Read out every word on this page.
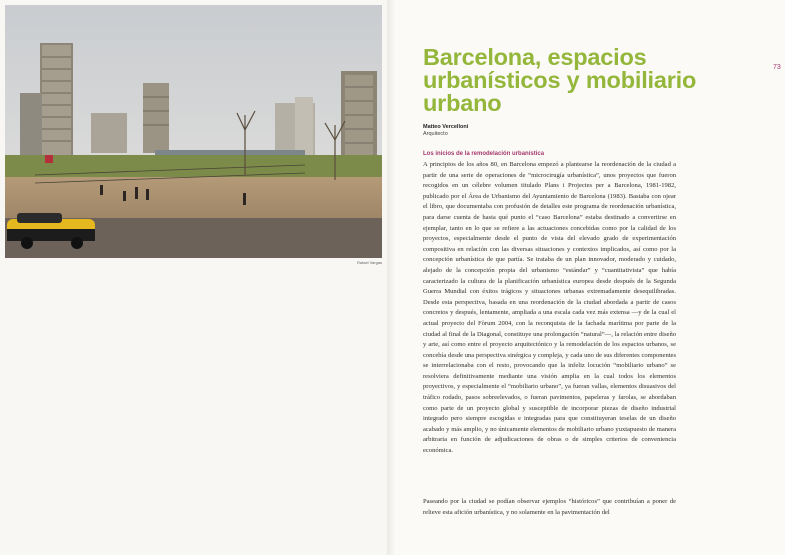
Rafael Vargas
73
Barcelona, espacios urbanísticos y mobiliario urbano
Matteo Vercelloni
Arquitecto
Los inicios de la remodelación urbanística

A principios de los años 80, en Barcelona empezó a plantearse la reordenación de la ciudad a partir de una serie de operaciones de “microcirugía urbanística”, unos proyectos que fueron recogidos en un célebre volumen titulado Plans i Projectes per a Barcelona, 1981-1982, publicado por el Área de Urbanismo del Ayuntamiento de Barcelona (1983). Bastaba con ojear el libro, que documentaba con profusión de detalles este programa de reordenación urbanística, para darse cuenta de hasta qué punto el “caso Barcelona” estaba destinado a convertirse en ejemplar, tanto en lo que se refiere a las actuaciones concebidas como por la calidad de los proyectos, especialmente desde el punto de vista del elevado grado de experimentación compositiva en relación con las diversas situaciones y contextos implicados, así como por la concepción urbanística de que partía. Se trataba de un plan innovador, moderado y cuidado, alejado de la concepción propia del urbanismo “estándar” y “cuantitativista” que había caracterizado la cultura de la planificación urbanística europea desde después de la Segunda Guerra Mundial con éxitos trágicos y situaciones urbanas extremadamente desequilibradas. Desde esta perspectiva, basada en una reordenación de la ciudad abordada a partir de casos concretos y después, lentamente, ampliada a una escala cada vez más extensa —y de la cual el actual proyecto del Fòrum 2004, con la reconquista de la fachada marítima por parte de la ciudad al final de la Diagonal, constituye una prolongación “natural”—, la relación entre diseño y arte, así como entre el proyecto arquitectónico y la remodelación de los espacios urbanos, se concebía desde una perspectiva sinérgica y compleja, y cada uno de sus diferentes componentes se interrelacionaba con el resto, provocando que la infeliz locución “mobiliario urbano” se resolviera definitivamente mediante una visión amplia en la cual todos los elementos proyectivos, y especialmente el “mobiliario urbano”, ya fueran vallas, elementos disuasivos del tráfico rodado, pasos sobreelevados, o fueran pavimentos, papeleras y farolas, se abordaban como parte de un proyecto global y susceptible de incorporar piezas de diseño industrial integrado pero siempre escogidas e integradas para que constituyeran teselas de un diseño acabado y más amplio, y no únicamente elementos de mobiliario urbano yuxtapuesto de manera arbitraria en función de adjudicaciones de obras o de simples criterios de conveniencia económica.

Paseando por la ciudad se podían observar ejemplos “históricos” que contribuían a poner de relieve esta afición urbanística, y no solamente en la pavimentación del
